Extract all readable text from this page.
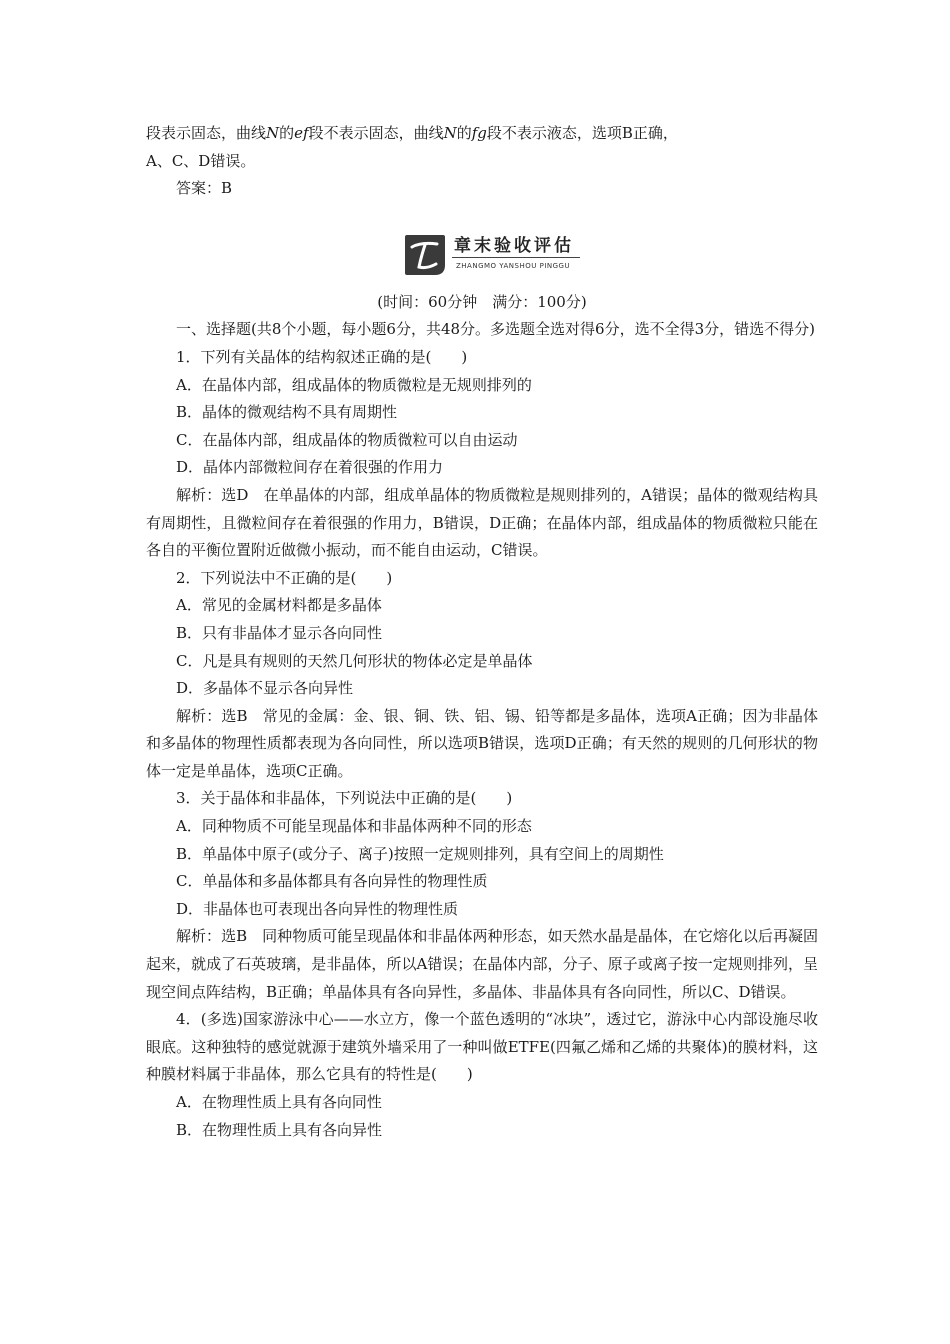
段表示固态，曲线N的ef段不表示固态，曲线N的fg段不表示液态，选项B正确，

A、C、D错误。

答案：B

章末验收评估
ZHANGMO YANSHOU PINGGU

(时间：60分钟　满分：100分)

一、选择题(共8个小题，每小题6分，共48分。多选题全选对得6分，选不全得3分，错选不得分)

1．下列有关晶体的结构叙述正确的是(　　)

A．在晶体内部，组成晶体的物质微粒是无规则排列的

B．晶体的微观结构不具有周期性

C．在晶体内部，组成晶体的物质微粒可以自由运动

D．晶体内部微粒间存在着很强的作用力

解析：选D　在单晶体的内部，组成单晶体的物质微粒是规则排列的，A错误；晶体的微观结构具有周期性，且微粒间存在着很强的作用力，B错误，D正确；在晶体内部，组成晶体的物质微粒只能在各自的平衡位置附近做微小振动，而不能自由运动，C错误。

2．下列说法中不正确的是(　　)

A．常见的金属材料都是多晶体

B．只有非晶体才显示各向同性

C．凡是具有规则的天然几何形状的物体必定是单晶体

D．多晶体不显示各向异性

解析：选B　常见的金属：金、银、铜、铁、铝、锡、铅等都是多晶体，选项A正确；因为非晶体和多晶体的物理性质都表现为各向同性，所以选项B错误，选项D正确；有天然的规则的几何形状的物体一定是单晶体，选项C正确。

3．关于晶体和非晶体，下列说法中正确的是(　　)

A．同种物质不可能呈现晶体和非晶体两种不同的形态

B．单晶体中原子(或分子、离子)按照一定规则排列，具有空间上的周期性

C．单晶体和多晶体都具有各向异性的物理性质

D．非晶体也可表现出各向异性的物理性质

解析：选B　同种物质可能呈现晶体和非晶体两种形态，如天然水晶是晶体，在它熔化以后再凝固起来，就成了石英玻璃，是非晶体，所以A错误；在晶体内部，分子、原子或离子按一定规则排列，呈现空间点阵结构，B正确；单晶体具有各向异性，多晶体、非晶体具有各向同性，所以C、D错误。

4．(多选)国家游泳中心——水立方，像一个蓝色透明的“冰块”，透过它，游泳中心内部设施尽收眼底。这种独特的感觉就源于建筑外墙采用了一种叫做ETFE(四氟乙烯和乙烯的共聚体)的膜材料，这种膜材料属于非晶体，那么它具有的特性是(　　)

A．在物理性质上具有各向同性

B．在物理性质上具有各向异性
